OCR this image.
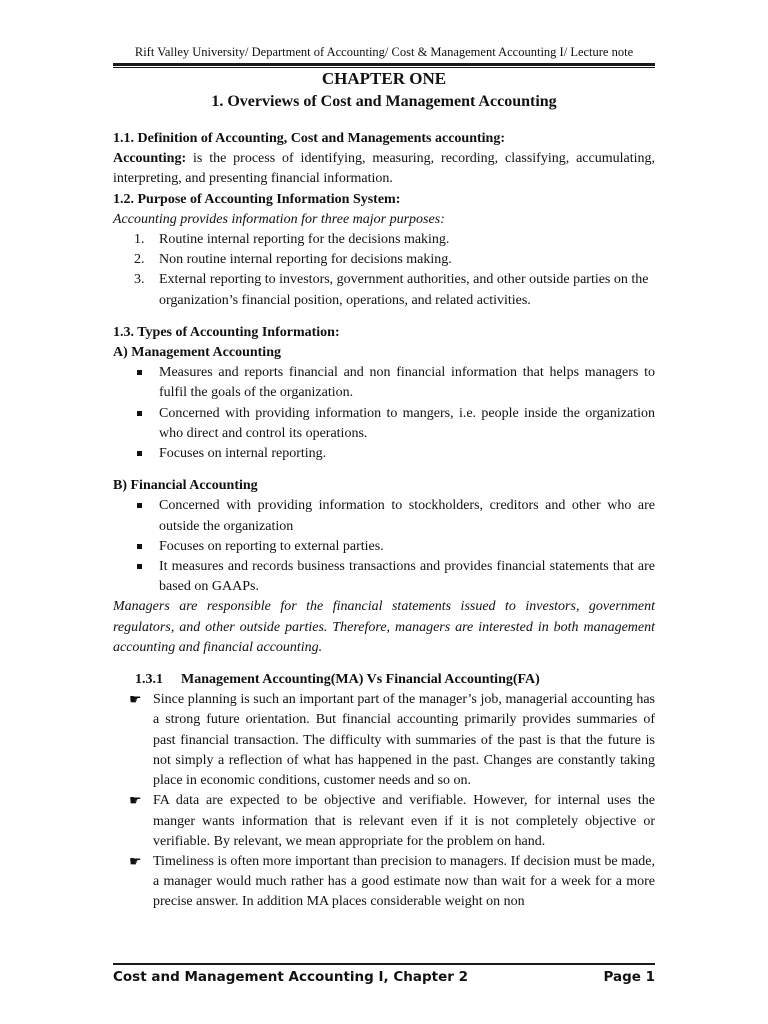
Rift Valley University/ Department of Accounting/ Cost & Management Accounting I/ Lecture note
CHAPTER ONE
1. Overviews of Cost and Management Accounting

1.1. Definition of Accounting, Cost and Managements accounting:

Accounting: is the process of identifying, measuring, recording, classifying, accumulating, interpreting, and presenting financial information.

1.2. Purpose of Accounting Information System:

Accounting provides information for three major purposes:

1. Routine internal reporting for the decisions making.
2. Non routine internal reporting for decisions making.
3. External reporting to investors, government authorities, and other outside parties on the organization’s financial position, operations, and related activities.

1.3. Types of Accounting Information:

A) Management Accounting

Measures and reports financial and non financial information that helps managers to fulfil the goals of the organization.
Concerned with providing information to mangers, i.e. people inside the organization who direct and control its operations.
Focuses on internal reporting.

B) Financial Accounting

Concerned with providing information to stockholders, creditors and other who are outside the organization
Focuses on reporting to external parties.
It measures and records business transactions and provides financial statements that are based on GAAPs.

Managers are responsible for the financial statements issued to investors, government regulators, and other outside parties. Therefore, managers are interested in both management accounting and financial accounting.

1.3.1 Management Accounting(MA) Vs Financial Accounting(FA)

☛ Since planning is such an important part of the manager’s job, managerial accounting has a strong future orientation. But financial accounting primarily provides summaries of past financial transaction. The difficulty with summaries of the past is that the future is not simply a reflection of what has happened in the past. Changes are constantly taking place in economic conditions, customer needs and so on.
☛ FA data are expected to be objective and verifiable. However, for internal uses the manger wants information that is relevant even if it is not completely objective or verifiable. By relevant, we mean appropriate for the problem on hand.
☛ Timeliness is often more important than precision to managers. If decision must be made, a manager would much rather has a good estimate now than wait for a week for a more precise answer. In addition MA places considerable weight on non
Cost and Management Accounting I, Chapter 2	Page 1
